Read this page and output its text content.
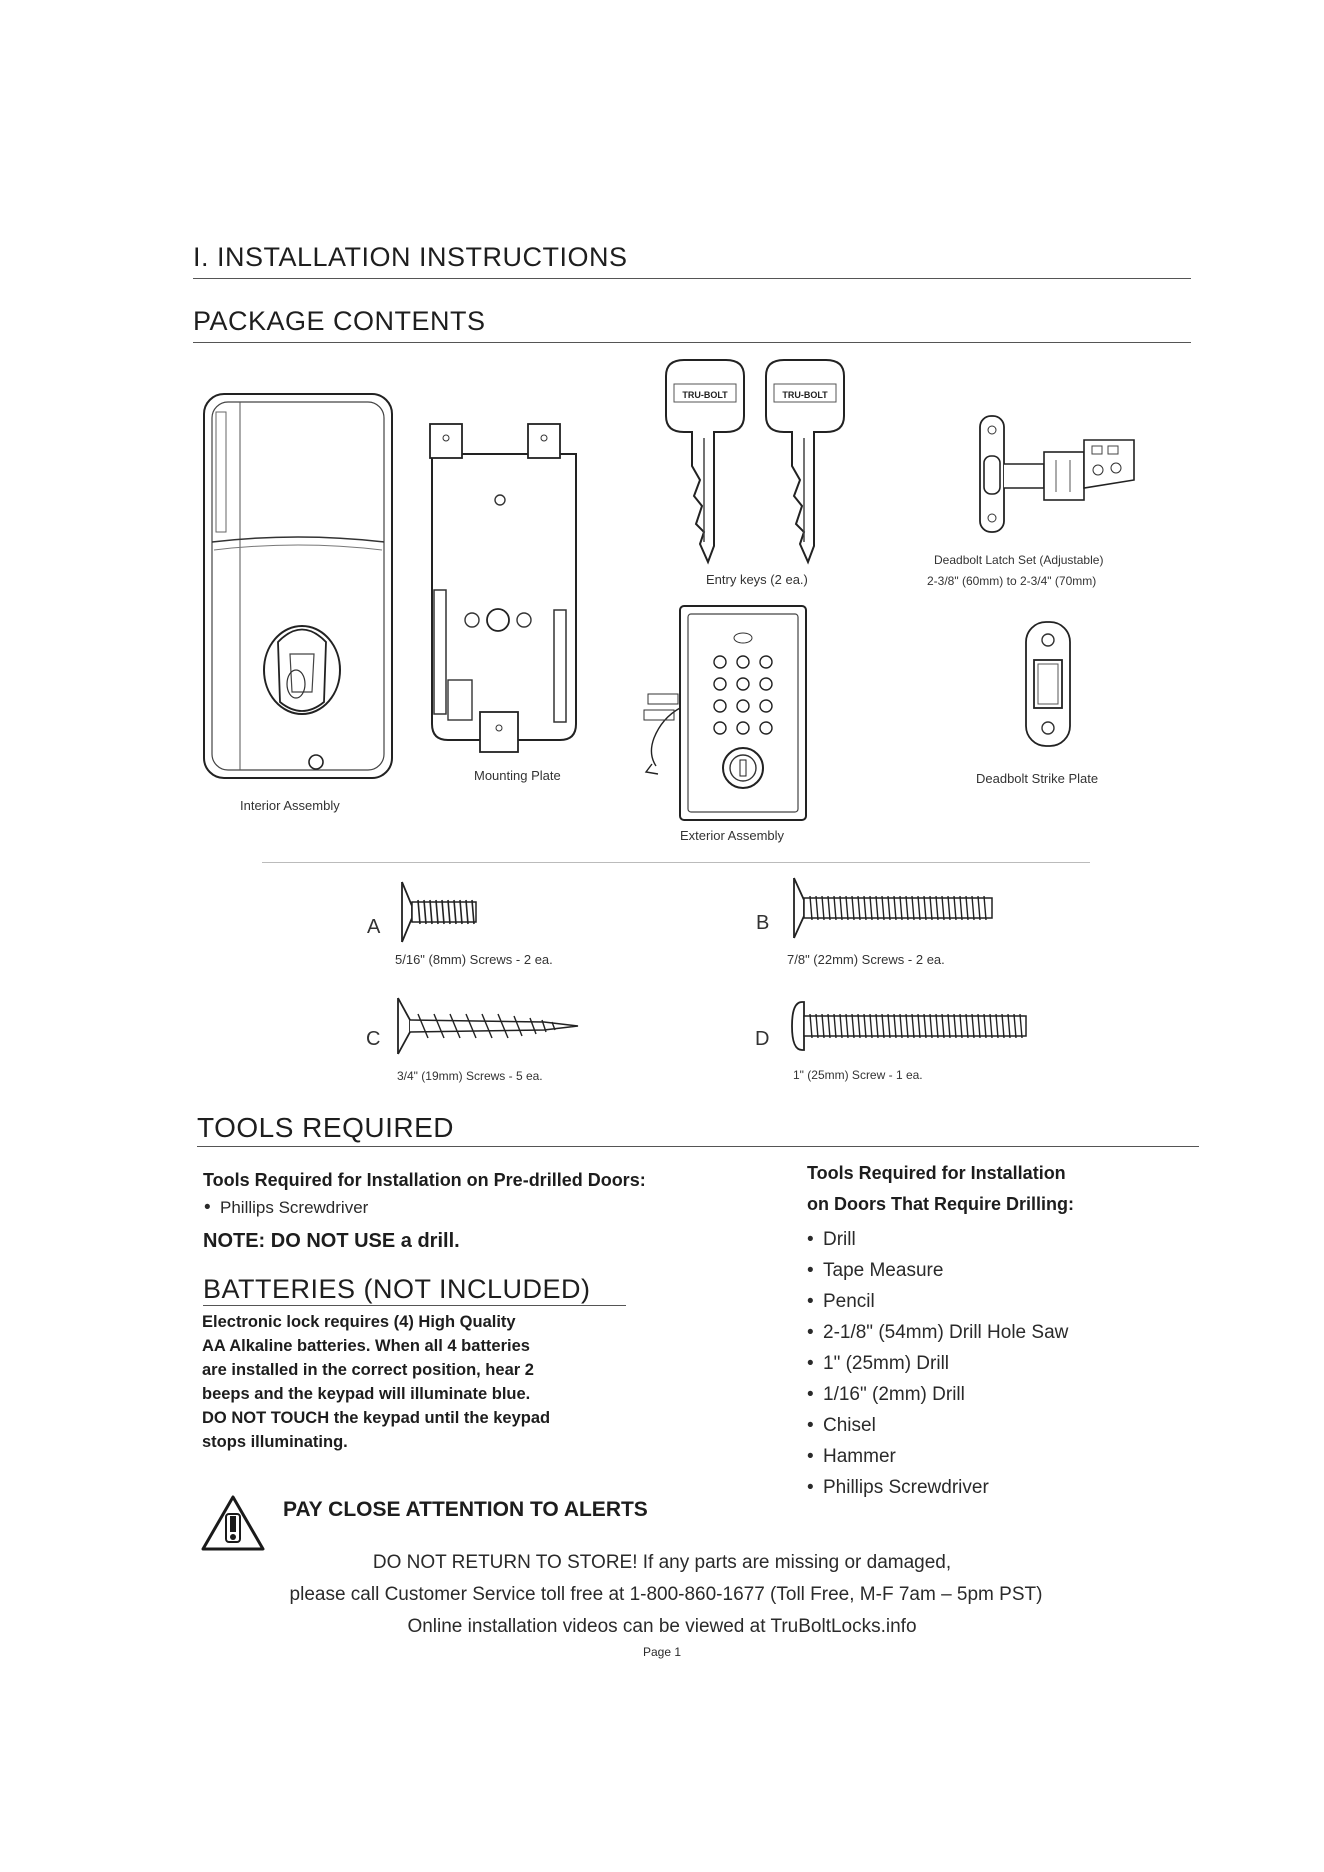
I. INSTALLATION INSTRUCTIONS
PACKAGE CONTENTS
Interior Assembly
Mounting Plate
TRU-BOLT	TRU-BOLT
Entry keys (2 ea.)
Deadbolt Latch Set (Adjustable)
2-3/8" (60mm) to 2-3/4" (70mm)
Exterior Assembly
Deadbolt Strike Plate
A
5/16" (8mm) Screws - 2 ea.
B
7/8" (22mm) Screws - 2 ea.
C
3/4" (19mm) Screws - 5 ea.
D
1" (25mm) Screw - 1 ea.
TOOLS REQUIRED
Tools Required for Installation on Pre-drilled Doors:
• Phillips Screwdriver
NOTE: DO NOT USE a drill.
Tools Required for Installation
on Doors That Require Drilling:
• Drill
• Tape Measure
• Pencil
• 2-1/8" (54mm) Drill Hole Saw
• 1" (25mm) Drill
• 1/16" (2mm) Drill
• Chisel
• Hammer
• Phillips Screwdriver
BATTERIES (NOT INCLUDED)
Electronic lock requires (4) High Quality
AA Alkaline batteries. When all 4 batteries
are installed in the correct position, hear 2
beeps and the keypad will illuminate blue.
DO NOT TOUCH the keypad until the keypad
stops illuminating.
PAY CLOSE ATTENTION TO ALERTS
DO NOT RETURN TO STORE! If any parts are missing or damaged,
please call Customer Service toll free at 1-800-860-1677 (Toll Free, M-F 7am – 5pm PST)
Online installation videos can be viewed at TruBoltLocks.info
Page 1
